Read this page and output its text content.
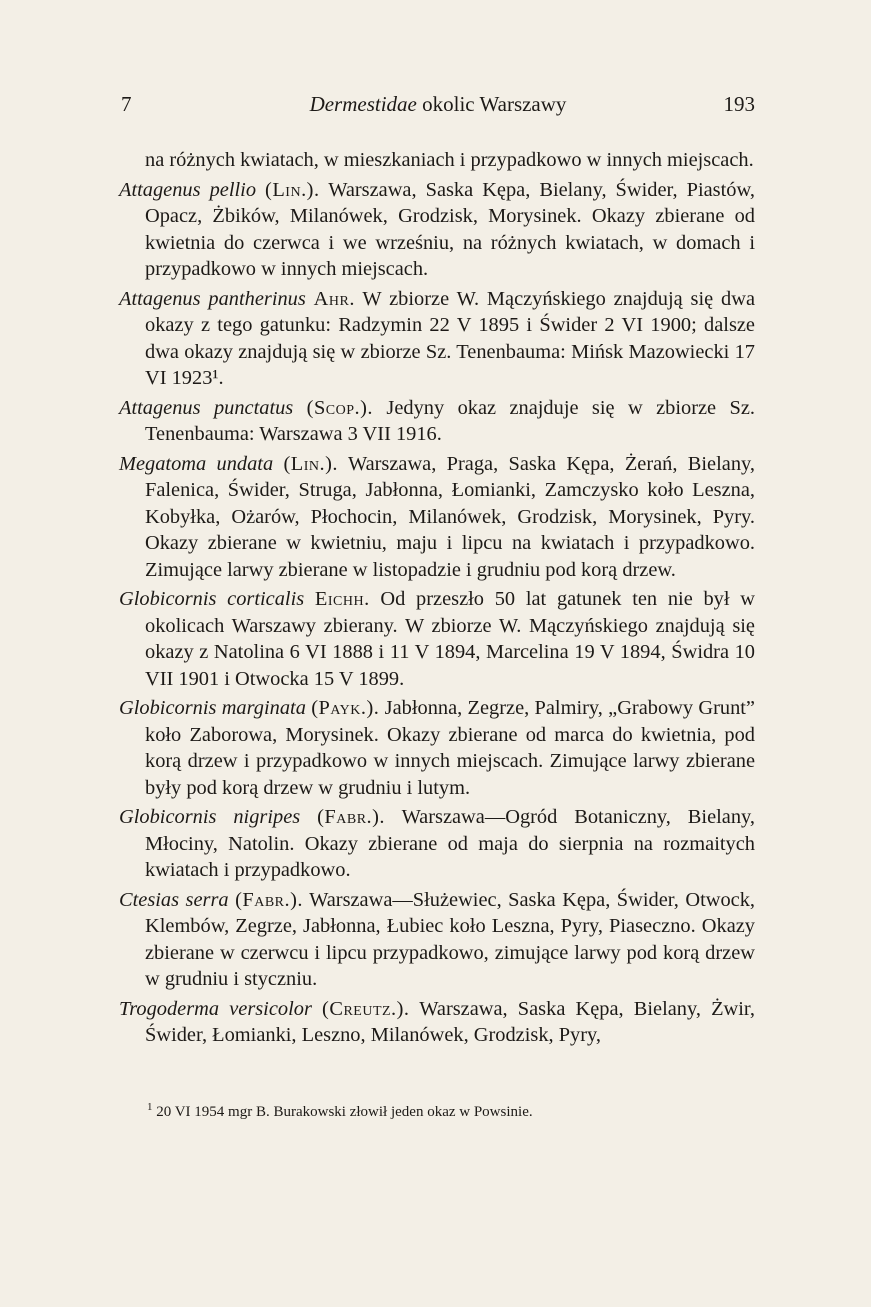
7	Dermestidae okolic Warszawy	193

na różnych kwiatach, w mieszkaniach i przypadkowo w innych miejscach.

Attagenus pellio (Lin.). Warszawa, Saska Kępa, Bielany, Świder, Piastów, Opacz, Żbików, Milanówek, Grodzisk, Morysinek. Okazy zbierane od kwietnia do czerwca i we wrześniu, na różnych kwiatach, w domach i przypadkowo w innych miejscach.

Attagenus pantherinus Ahr. W zbiorze W. Mączyńskiego znajdują się dwa okazy z tego gatunku: Radzymin 22 V 1895 i Świder 2 VI 1900; dalsze dwa okazy znajdują się w zbiorze Sz. Tenenbauma: Mińsk Mazowiecki 17 VI 1923¹.

Attagenus punctatus (Scop.). Jedyny okaz znajduje się w zbiorze Sz. Tenenbauma: Warszawa 3 VII 1916.

Megatoma undata (Lin.). Warszawa, Praga, Saska Kępa, Żerań, Bielany, Falenica, Świder, Struga, Jabłonna, Łomianki, Zamczysko koło Leszna, Kobyłka, Ożarów, Płochocin, Milanówek, Grodzisk, Morysinek, Pyry. Okazy zbierane w kwietniu, maju i lipcu na kwiatach i przypadkowo. Zimujące larwy zbierane w listopadzie i grudniu pod korą drzew.

Globicornis corticalis Eichh. Od przeszło 50 lat gatunek ten nie był w okolicach Warszawy zbierany. W zbiorze W. Mączyńskiego znajdują się okazy z Natolina 6 VI 1888 i 11 V 1894, Marcelina 19 V 1894, Świdra 10 VII 1901 i Otwocka 15 V 1899.

Globicornis marginata (Payk.). Jabłonna, Zegrze, Palmiry, „Grabowy Grunt” koło Zaborowa, Morysinek. Okazy zbierane od marca do kwietnia, pod korą drzew i przypadkowo w innych miejscach. Zimujące larwy zbierane były pod korą drzew w grudniu i lutym.

Globicornis nigripes (Fabr.). Warszawa—Ogród Botaniczny, Bielany, Młociny, Natolin. Okazy zbierane od maja do sierpnia na rozmaitych kwiatach i przypadkowo.

Ctesias serra (Fabr.). Warszawa—Służewiec, Saska Kępa, Świder, Otwock, Klembów, Zegrze, Jabłonna, Łubiec koło Leszna, Pyry, Piaseczno. Okazy zbierane w czerwcu i lipcu przypadkowo, zimujące larwy pod korą drzew w grudniu i styczniu.

Trogoderma versicolor (Creutz.). Warszawa, Saska Kępa, Bielany, Żwir, Świder, Łomianki, Leszno, Milanówek, Grodzisk, Pyry,

$^1$ 20 VI 1954 mgr B. Burakowski złowił jeden okaz w Powsinie.
